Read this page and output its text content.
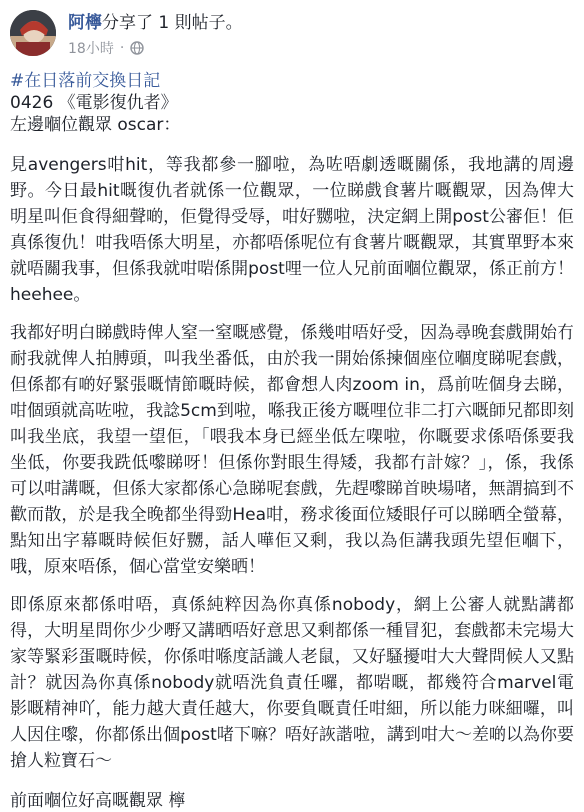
阿檸分享了 1 則帖子。
18小時 ·
#在日落前交換日記

0426 《電影復仇者》

左邊嗰位觀眾 oscar：

見avengers咁hit，等我都參一腳啦，為咗唔劇透嘅關係，我地講的周邊野。今日最hit嘅復仇者就係一位觀眾，一位睇戲食薯片嘅觀眾，因為俾大明星叫佢食得細聲啲，佢覺得受辱，咁好嬲啦，決定網上開post公審佢！佢真係復仇！咁我唔係大明星，亦都唔係呢位有食薯片嘅觀眾，其實單野本來就唔關我事，但係我就咁啱係開post哩一位人兄前面嗰位觀眾，係正前方！heehee。

我都好明白睇戲時俾人窒一窒嘅感覺，係幾咁唔好受，因為尋晚套戲開始冇耐我就俾人拍膊頭，叫我坐番低，由於我一開始係揀個座位嗰度睇呢套戲，但係都有啲好緊張嘅情節嘅時候，都會想人肉zoom in，爲前咗個身去睇，咁個頭就高咗啦，我諗5cm到啦，喺我正後方嘅哩位非二打六嘅師兄都即刻叫我坐底，我望一望佢，「喂我本身已經坐低左㗎啦，你嘅要求係唔係要我坐低，你要我跣低嚟睇呀！但係你對眼生得矮，我都冇計嫁？」，係，我係可以咁講嘅，但係大家都係心急睇呢套戲，先趕嚟睇首映場啫，無謂搞到不歡而散，於是我全晚都坐得勁Hea咁，務求後面位矮眼仔可以睇晒全螢幕，點知出字幕嘅時候佢好嬲，話人嘩佢又剩，我以為佢講我頭先望佢嗰下，哦，原來唔係，個心當堂安樂晒！

即係原來都係咁唔，真係純粹因為你真係nobody，網上公審人就點講都得，大明星問你少少嘢又講晒唔好意思又剩都係一種冒犯，套戲都未完場大家等緊彩蛋嘅時候，你係咁喺度話識人老鼠，又好騷擾咁大大聲問候人又點計？就因為你真係nobody就唔洗負責任囉，都啱嘅，都幾符合marvel電影嘅精神吖，能力越大責任越大，你要負嘅責任咁細，所以能力咪細囉，叫人因住嚟，你都係出個post啫下嘛？唔好詼諧啦，講到咁大～差啲以為你要搶人粒寶石～

前面嗰位好高嘅觀眾 檸
